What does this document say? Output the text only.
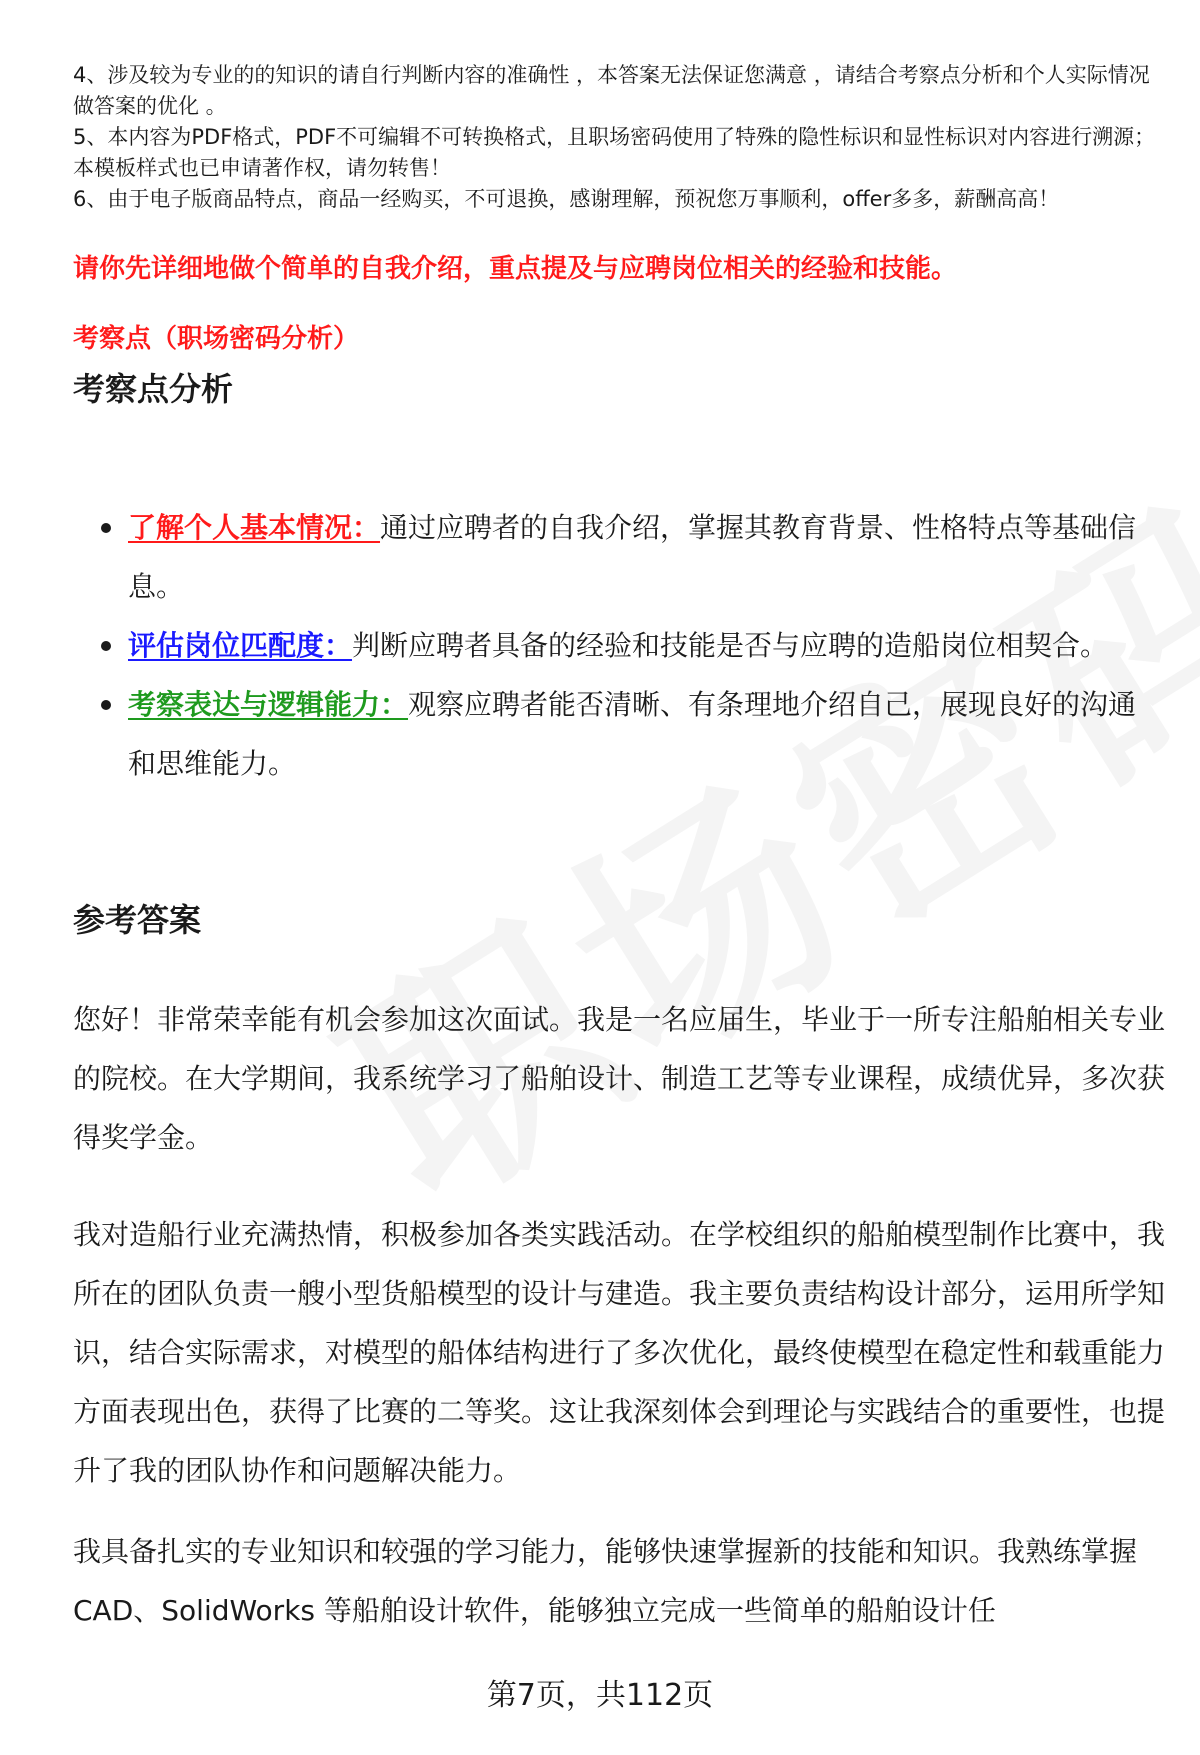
4、涉及较为专业的的知识的请自行判断内容的准确性 ，本答案无法保证您满意 ，请结合考察点分析和个人实际情况做答案的优化 。

5、本内容为PDF格式，PDF不可编辑不可转换格式，且职场密码使用了特殊的隐性标识和显性标识对内容进行溯源；本模板样式也已申请著作权，请勿转售！

6、由于电子版商品特点，商品一经购买，不可退换，感谢理解，预祝您万事顺利，offer多多，薪酬高高！

请你先详细地做个简单的自我介绍，重点提及与应聘岗位相关的经验和技能。
考察点（职场密码分析）
考察点分析
了解个人基本情况：通过应聘者的自我介绍，掌握其教育背景、性格特点等基础信息。
评估岗位匹配度：判断应聘者具备的经验和技能是否与应聘的造船岗位相契合。
考察表达与逻辑能力：观察应聘者能否清晰、有条理地介绍自己，展现良好的沟通和思维能力。
参考答案

您好！非常荣幸能有机会参加这次面试。我是一名应届生，毕业于一所专注船舶相关专业的院校。在大学期间，我系统学习了船舶设计、制造工艺等专业课程，成绩优异，多次获得奖学金。

我对造船行业充满热情，积极参加各类实践活动。在学校组织的船舶模型制作比赛中，我所在的团队负责一艘小型货船模型的设计与建造。我主要负责结构设计部分，运用所学知识，结合实际需求，对模型的船体结构进行了多次优化，最终使模型在稳定性和载重能力方面表现出色，获得了比赛的二等奖。这让我深刻体会到理论与实践结合的重要性，也提升了我的团队协作和问题解决能力。

我具备扎实的专业知识和较强的学习能力，能够快速掌握新的技能和知识。我熟练掌握 CAD、SolidWorks 等船舶设计软件，能够独立完成一些简单的船舶设计任

第7页，共112页
